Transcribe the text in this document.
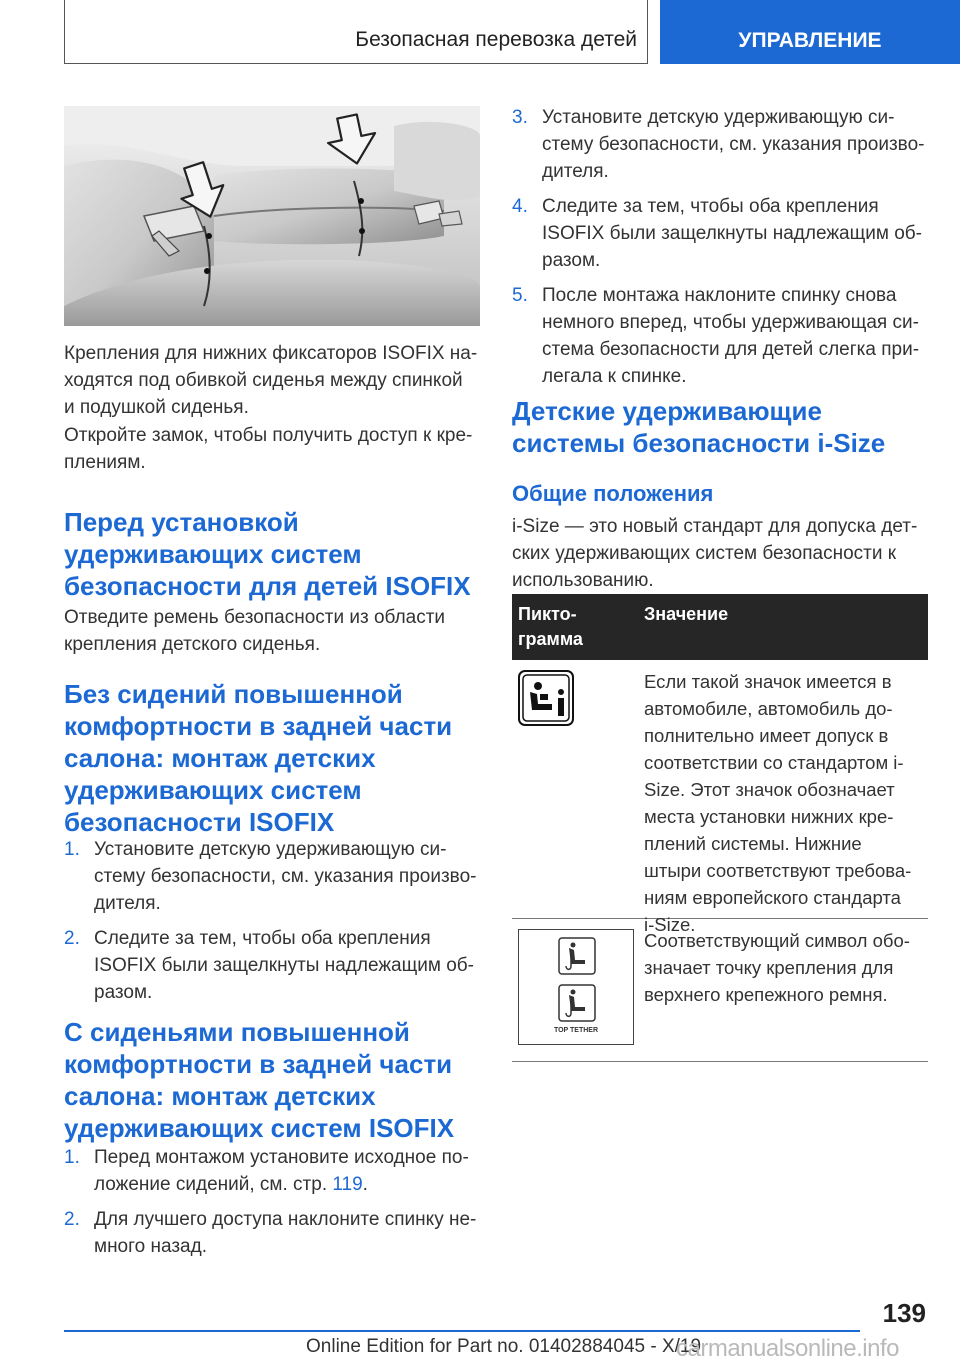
Безопасная перевозка детей	УПРАВЛЕНИЕ

Крепления для нижних фиксаторов ISOFIX на‑

ходятся под обивкой сиденья между спинкой

и подушкой сиденья.

Откройте замок, чтобы получить доступ к кре‑

плениям.

Перед установкой
удерживающих систем
безопасности для детей ISOFIX

Отведите ремень безопасности из области

крепления детского сиденья.

Без сидений повышенной
комфортности в задней части
салона: монтаж детских
удерживающих систем
безопасности ISOFIX
1. Установите детскую удерживающую си‑
стему безопасности, см. указания произво‑
дителя.
2. Следите за тем, чтобы оба крепления
ISOFIX были защелкнуты надлежащим об‑
разом.
С сиденьями повышенной
комфортности в задней части
салона: монтаж детских
удерживающих систем ISOFIX
1. Перед монтажом установите исходное по‑
ложение сидений, см. стр. 119.
2. Для лучшего доступа наклоните спинку не‑
много назад.
3. Установите детскую удерживающую си‑
стему безопасности, см. указания произво‑
дителя.
4. Следите за тем, чтобы оба крепления
ISOFIX были защелкнуты надлежащим об‑
разом.
5. После монтажа наклоните спинку снова
немного вперед, чтобы удерживающая си‑
стема безопасности для детей слегка при‑
легала к спинке.
Детские удерживающие
системы безопасности i-Size
Общие положения

i-Size — это новый стандарт для допуска дет‑

ских удерживающих систем безопасности к

использованию.

Пикто‑
грамма
Значение
Если такой значок имеется в
автомобиле, автомобиль до‑
полнительно имеет допуск в
соответствии со стандартом i-
Size. Этот значок обозначает
места установки нижних кре‑
плений системы. Нижние
штыри соответствуют требова‑
ниям европейского стандарта
i-Size.
TOP TETHER
Соответствующий символ обо‑
значает точку крепления для
верхнего крепежного ремня.
139
Online Edition for Part no. 01402884045 - X/19
carmanualsonline.info
